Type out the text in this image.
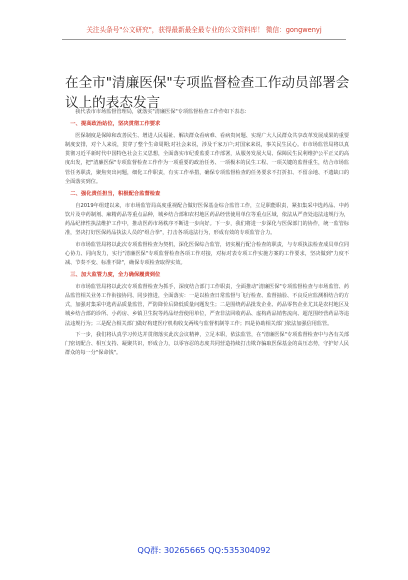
关注头条号"公文研究"，获得最新最全最专业的公文资料库！ 微信：gongwenyj
在全市"清廉医保"专项监督检查工作动员部署会议上的表态发言

我代表市市场监督管理局，就落实"清廉医保"专项监督检查工作作如下表态：

一、提高政治站位，坚决贯彻工作要求

医保制度是保障和改善民生、增进人民福祉、解决群众看病难、看病贵问题、实现广大人民群众共享改革发展成果的重要制度安排，对个人来说，贯穿了整个生命周期;对社会来说，涉及千家万户;对国家来说，事关民生民心。市市场监管局将以真贯彻习近平新时代中国特色社会主义思想，全面落实市纪委监委工作部署，从服务发展大局、保障民生民利维护公平正义的高度出发，把"清廉医保"专项监督检查工作作为一项重要的政治任务、一项极本的民生工程、一项关键的监督重生，结合市场监管任务职责，聚焦突出问题，细化工作职责，有实工作举措，确保专项监督检查的任务要求不打折扣、不留余地、不遗缺口的全面落实到位。

二、强化责任担当，积极配合监督检查

自2019年组建以来，市市场监管局高度重视配合做好医保基金综合监管工作，立足职能职责，紧扣集采中选药品、中药饮片及中药制剂、麻精药品等重点品种，城乡结合部和农村地区药品经营使用单位等重点区域，依法从严查处违法违规行为，药品纪律性执法维护工作中，推动医药市场秩序不断进一步向好。下一步，我们将进一步深化与医保部门的协作，统一监管标准，坚决打好医保药品执法人员的"组合拳"，打击各项违法行为，形成有效的专项监管合力。

市市场监管局将以此次专项监督检查为契机，深化医保综合监管，切实履行配合检查的职责，与专项执法检查成员单位同心协力、同向发力，实行"清廉医保"专项监督检查各项工作对接，对标对表专项工作实施方案的工作要求，坚决做到"力度不减、节奏不变、标准不降"，确保专项检查取得实效。

三、加大监管力度，全力确保履责到位

市市场监管局将以此次专项监督检查为抓手，深度结合部门工作职责，全面推动"清廉医保"专项监督检查与市场监管、药品监管相关业务工作衔接协同、同步推进，全面落实：一是以检查日常监督与飞行检查、监督抽验、不良反应监测相结合的方式，加强对集采中选药品质量监管，严防降价后降低质量问题发生；二是围绕药品批发企业、药品零售企业尤其是农村地区及城乡结合部的诊所、小药房、乡镇卫生院等药品经营使用单位，严查非法回收药品、虚构药品销售流向、超范围经营药品等违法违规行为；三是配合相关部门做好构建医疗机构收支两线与监督机制等工作；四是协助相关部门依法加强信用监管。

下一步，我们将认真学习传达并贯彻落实此次会议精神，立足本职，依法监管，在"清廉医保"专项监督检查中与各有关部门密切配合、相互支持、凝聚共识，形成合力，以零容忍的态度共同营造持续打击欺诈骗取医保基金的高压态势，守护好人民群众的每一分"保命钱"。

QQ群: 30265665 QQ:535304092
